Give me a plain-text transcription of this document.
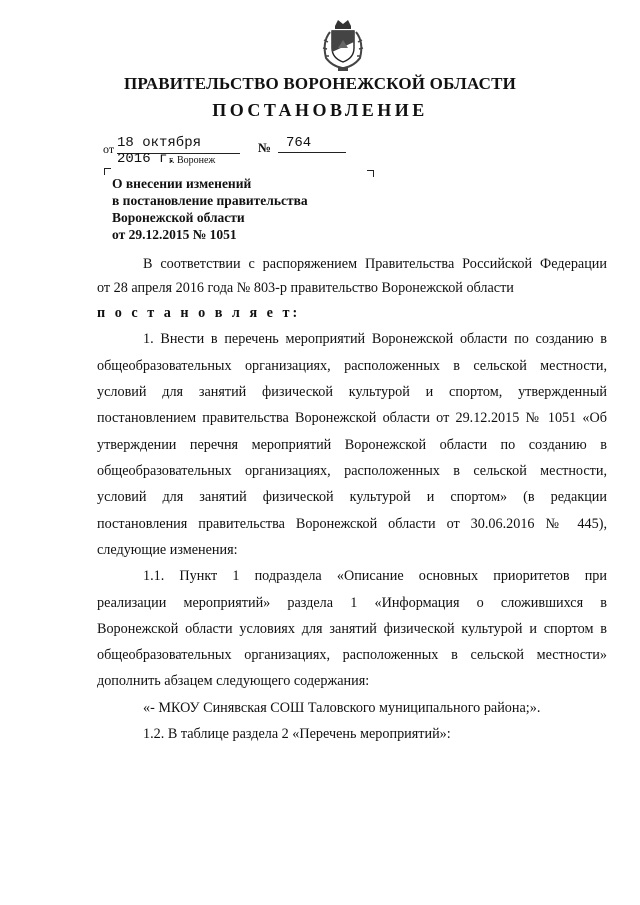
ПРАВИТЕЛЬСТВО ВОРОНЕЖСКОЙ ОБЛАСТИ
ПОСТАНОВЛЕНИЕ
от 18 октября 2016 г.
№	764
г. Воронеж
О внесении изменений
в постановление правительства
Воронежской области
от 29.12.2015 № 1051
В соответствии с распоряжением Правительства Российской Федерации
от 28 апреля 2016 года № 803-р правительство Воронежской области
п о с т а н о в л я е т:
1. Внести в перечень мероприятий Воронежской области по созданию в
общеобразовательных организациях, расположенных в сельской местности,
условий для занятий физической культурой и спортом, утвержденный
постановлением правительства Воронежской области от 29.12.2015 № 1051 «Об
утверждении перечня мероприятий Воронежской области по созданию в
общеобразовательных организациях, расположенных в сельской местности,
условий для занятий физической культурой и спортом» (в редакции
постановления правительства Воронежской области от 30.06.2016 № 445),
следующие изменения:
1.1. Пункт 1 подраздела «Описание основных приоритетов при
реализации мероприятий» раздела 1 «Информация о сложившихся в
Воронежской области условиях для занятий физической культурой и спортом в
общеобразовательных организациях, расположенных в сельской местности»
дополнить абзацем следующего содержания:
«- МКОУ Синявская СОШ Таловского муниципального района;».
1.2. В таблице раздела 2 «Перечень мероприятий»:
